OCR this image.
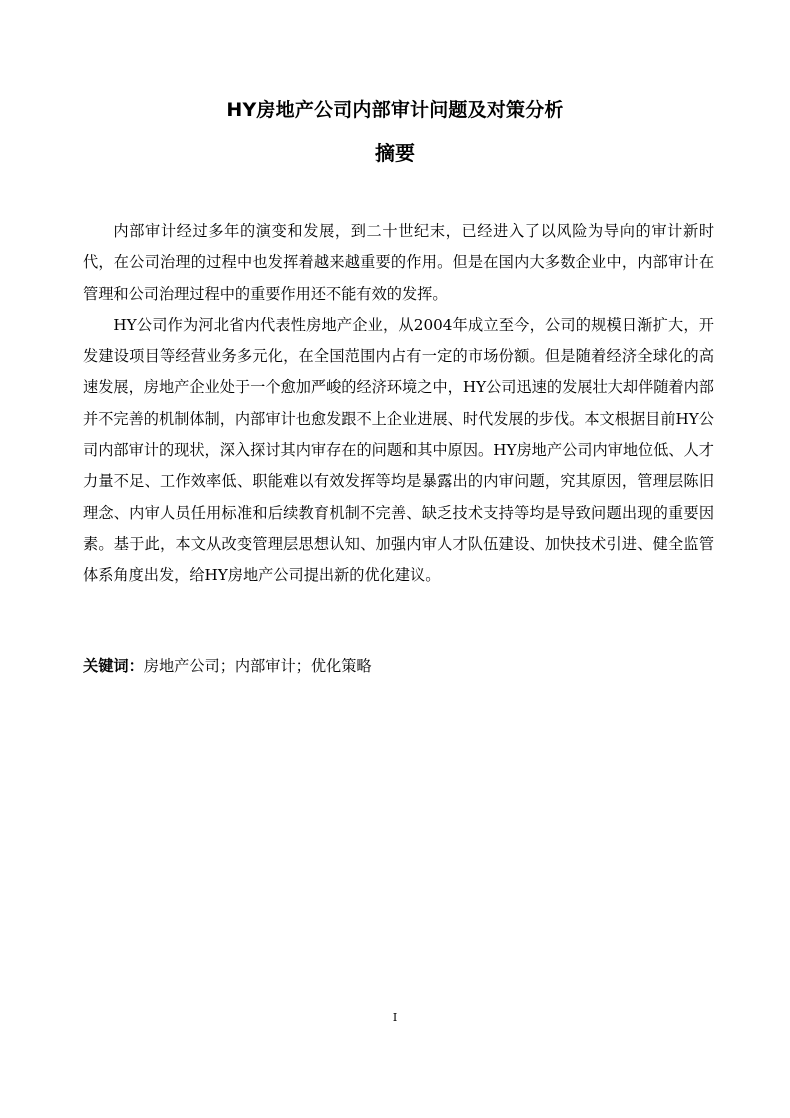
HY房地产公司内部审计问题及对策分析
摘要

内部审计经过多年的演变和发展，到二十世纪末，已经进入了以风险为导向的审计新时代，在公司治理的过程中也发挥着越来越重要的作用。但是在国内大多数企业中，内部审计在管理和公司治理过程中的重要作用还不能有效的发挥。

HY公司作为河北省内代表性房地产企业，从2004年成立至今，公司的规模日渐扩大，开发建设项目等经营业务多元化，在全国范围内占有一定的市场份额。但是随着经济全球化的高速发展，房地产企业处于一个愈加严峻的经济环境之中，HY公司迅速的发展壮大却伴随着内部并不完善的机制体制，内部审计也愈发跟不上企业进展、时代发展的步伐。本文根据目前HY公司内部审计的现状，深入探讨其内审存在的问题和其中原因。HY房地产公司内审地位低、人才力量不足、工作效率低、职能难以有效发挥等均是暴露出的内审问题，究其原因，管理层陈旧理念、内审人员任用标准和后续教育机制不完善、缺乏技术支持等均是导致问题出现的重要因素。基于此，本文从改变管理层思想认知、加强内审人才队伍建设、加快技术引进、健全监管体系角度出发，给HY房地产公司提出新的优化建议。

关键词：房地产公司；内部审计；优化策略
I
